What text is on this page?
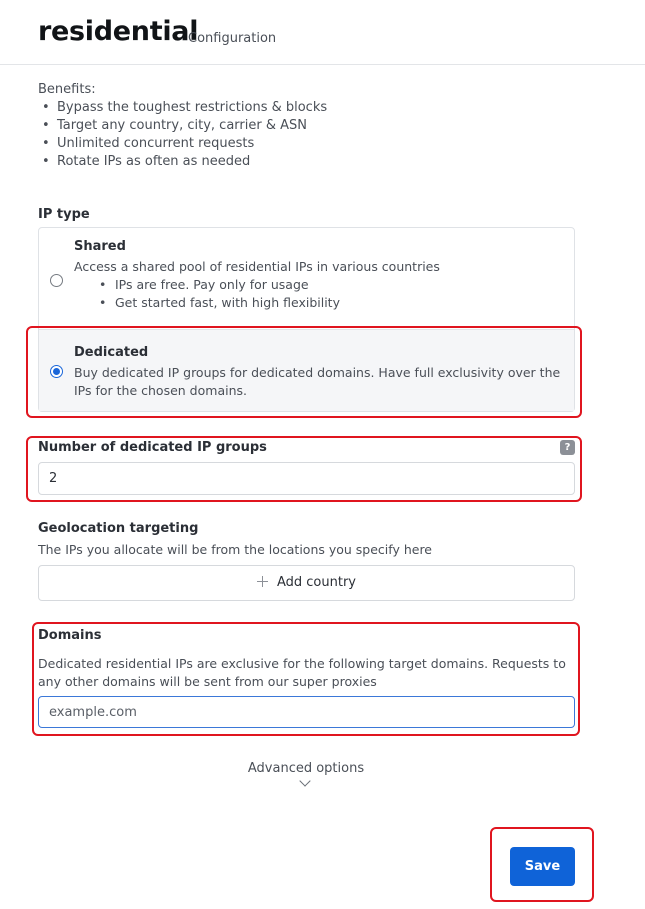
residential
Configuration
Benefits:
• Bypass the toughest restrictions & blocks
• Target any country, city, carrier & ASN
• Unlimited concurrent requests
• Rotate IPs as often as needed
IP type
Shared
Access a shared pool of residential IPs in various countries
• IPs are free. Pay only for usage
• Get started fast, with high flexibility
Dedicated
Buy dedicated IP groups for dedicated domains. Have full exclusivity over the IPs for the chosen domains.
Number of dedicated IP groups	?
2
Geolocation targeting
The IPs you allocate will be from the locations you specify here
Add country
Domains
Dedicated residential IPs are exclusive for the following target domains. Requests to any other domains will be sent from our super proxies
example.com
Advanced options
Save
